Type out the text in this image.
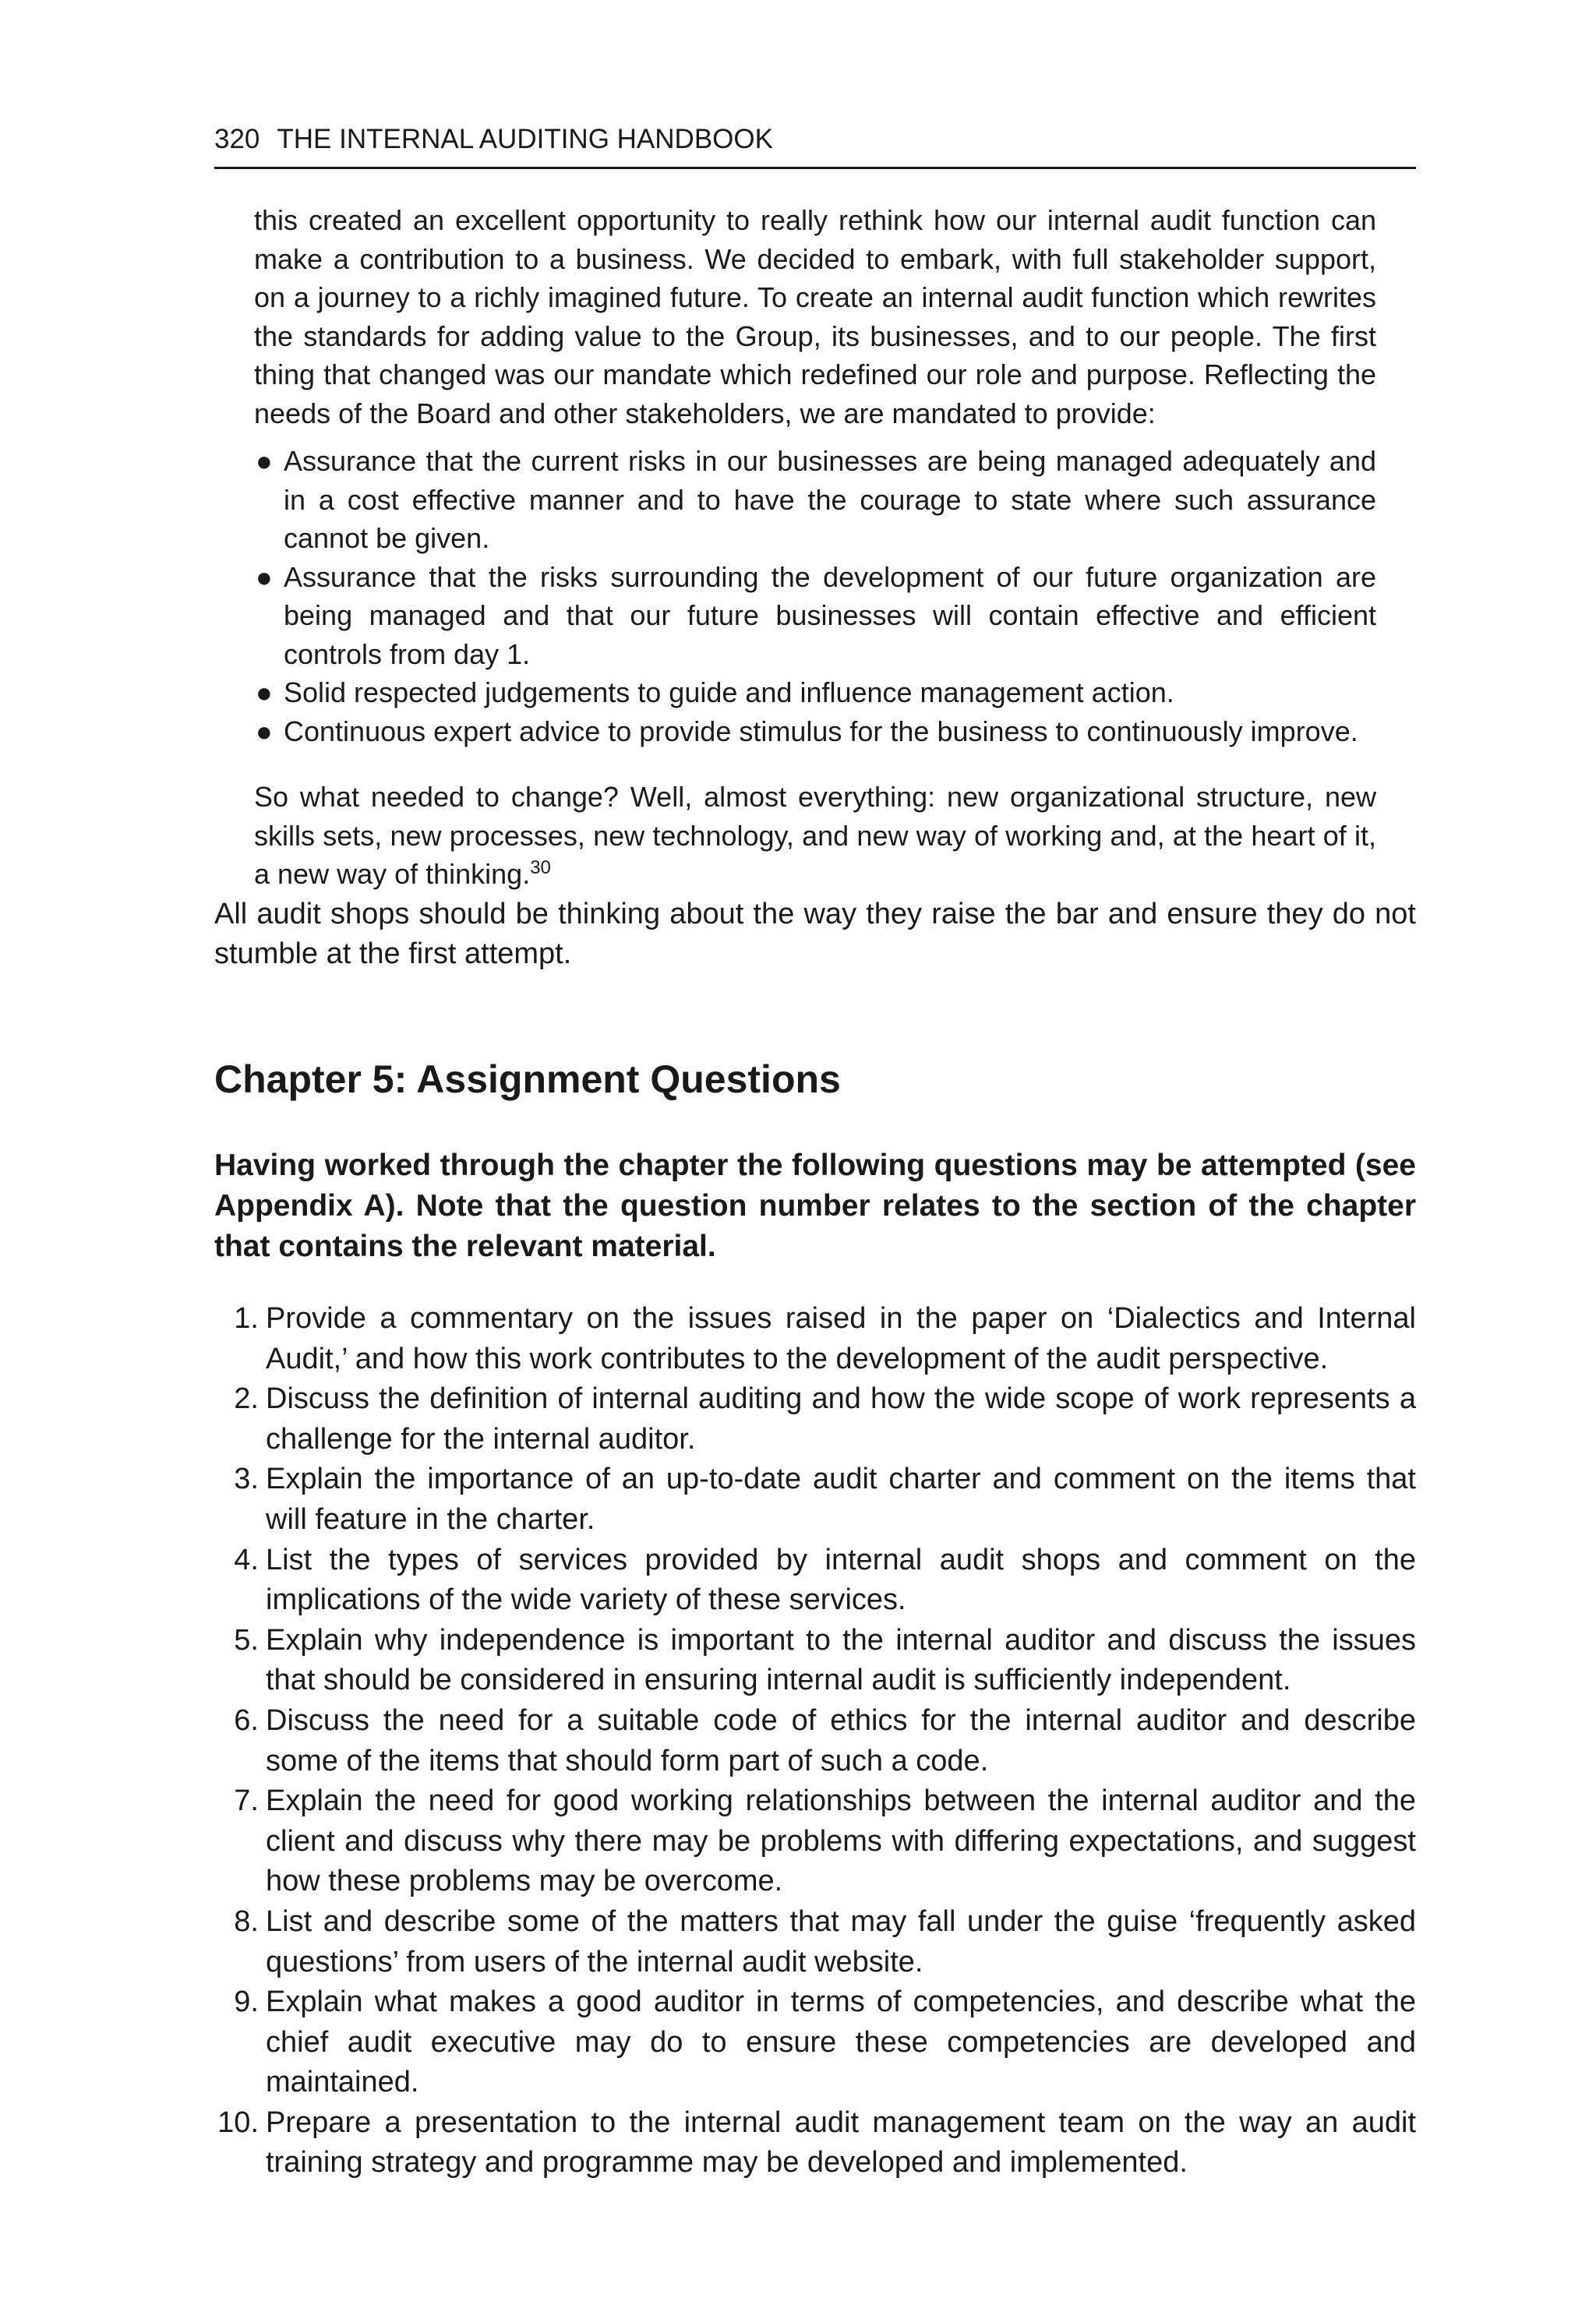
320 THE INTERNAL AUDITING HANDBOOK

this created an excellent opportunity to really rethink how our internal audit function can make a contribution to a business. We decided to embark, with full stakeholder support, on a journey to a richly imagined future. To create an internal audit function which rewrites the standards for adding value to the Group, its businesses, and to our people. The first thing that changed was our mandate which redefined our role and purpose. Reflecting the needs of the Board and other stakeholders, we are mandated to provide:

● Assurance that the current risks in our businesses are being managed adequately and in a cost effective manner and to have the courage to state where such assurance cannot be given.
● Assurance that the risks surrounding the development of our future organization are being managed and that our future businesses will contain effective and efficient controls from day 1.
● Solid respected judgements to guide and influence management action.
● Continuous expert advice to provide stimulus for the business to continuously improve.

So what needed to change? Well, almost everything: new organizational structure, new skills sets, new processes, new technology, and new way of working and, at the heart of it, a new way of thinking.$^{30}$

All audit shops should be thinking about the way they raise the bar and ensure they do not stumble at the first attempt.

Chapter 5: Assignment Questions

Having worked through the chapter the following questions may be attempted (see Appendix A). Note that the question number relates to the section of the chapter that contains the relevant material.

1. Provide a commentary on the issues raised in the paper on ‘Dialectics and Internal Audit,’ and how this work contributes to the development of the audit perspective.
2. Discuss the definition of internal auditing and how the wide scope of work represents a challenge for the internal auditor.
3. Explain the importance of an up-to-date audit charter and comment on the items that will feature in the charter.
4. List the types of services provided by internal audit shops and comment on the implications of the wide variety of these services.
5. Explain why independence is important to the internal auditor and discuss the issues that should be considered in ensuring internal audit is sufficiently independent.
6. Discuss the need for a suitable code of ethics for the internal auditor and describe some of the items that should form part of such a code.
7. Explain the need for good working relationships between the internal auditor and the client and discuss why there may be problems with differing expectations, and suggest how these problems may be overcome.
8. List and describe some of the matters that may fall under the guise ‘frequently asked questions’ from users of the internal audit website.
9. Explain what makes a good auditor in terms of competencies, and describe what the chief audit executive may do to ensure these competencies are developed and maintained.
10. Prepare a presentation to the internal audit management team on the way an audit training strategy and programme may be developed and implemented.
